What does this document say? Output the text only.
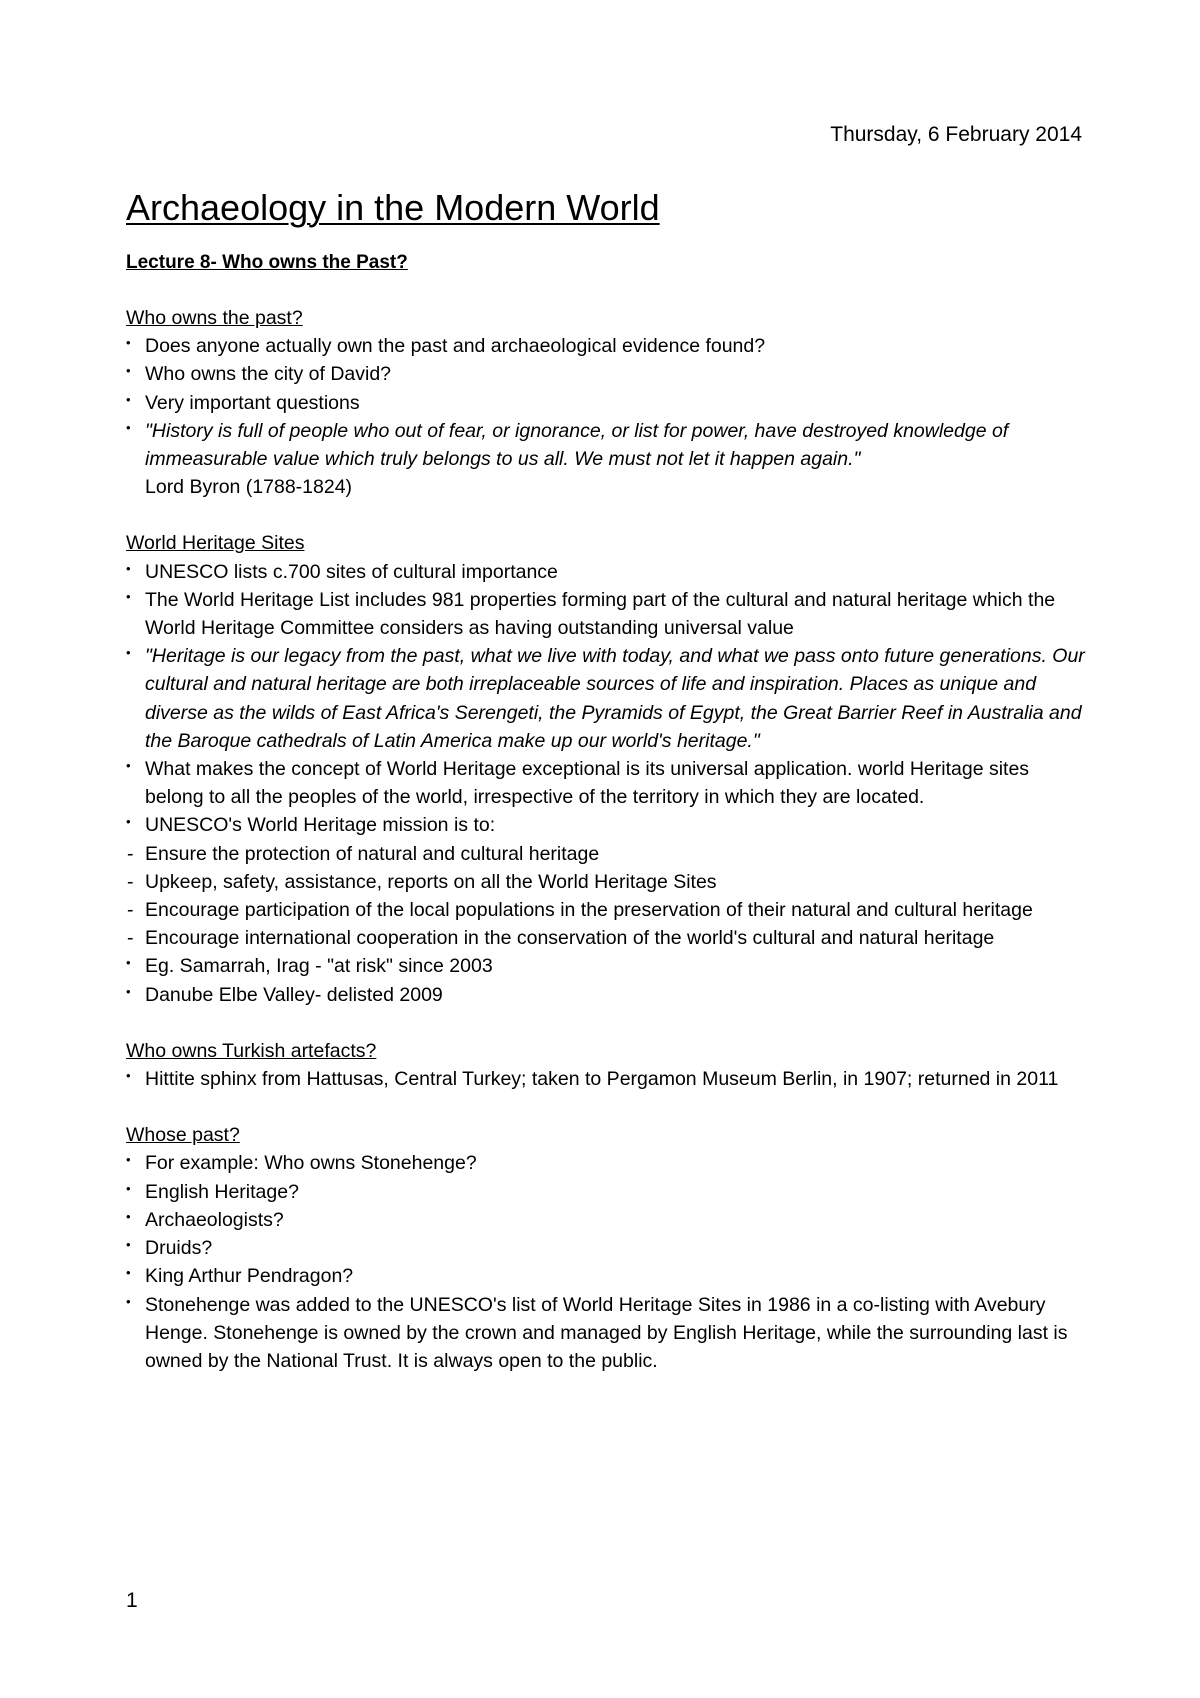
Thursday, 6 February 2014
Archaeology in the Modern World
Lecture 8- Who owns the Past?
Who owns the past?
Does anyone actually own the past and archaeological evidence found?
Who owns the city of David?
Very important questions
"History is full of people who out of fear, or ignorance, or list for power, have destroyed knowledge of immeasurable value which truly belongs to us all. We must not let it happen again."
Lord Byron (1788-1824)
World Heritage Sites
UNESCO lists c.700 sites of cultural importance
The World Heritage List includes 981 properties forming part of the cultural and natural heritage which the World Heritage Committee considers as having outstanding universal value
"Heritage is our legacy from the past, what we live with today, and what we pass onto future generations. Our cultural and natural heritage are both irreplaceable sources of life and inspiration. Places as unique and diverse as the wilds of East Africa's Serengeti, the Pyramids of Egypt, the Great Barrier Reef in Australia and the Baroque cathedrals of Latin America make up our world's heritage."
What makes the concept of World Heritage exceptional is its universal application. world Heritage sites belong to all the peoples of the world, irrespective of the territory in which they are located.
UNESCO's World Heritage mission is to:
Ensure the protection of natural and cultural heritage
Upkeep, safety, assistance, reports on all the World Heritage Sites
Encourage participation of the local populations in the preservation of their natural and cultural heritage
Encourage international cooperation in the conservation of the world's cultural and natural heritage
Eg. Samarrah, Irag - "at risk" since 2003
Danube Elbe Valley- delisted 2009
Who owns Turkish artefacts?
Hittite sphinx from Hattusas, Central Turkey; taken to Pergamon Museum Berlin, in 1907; returned in 2011
Whose past?
For example: Who owns Stonehenge?
English Heritage?
Archaeologists?
Druids?
King Arthur Pendragon?
Stonehenge was added to the UNESCO's list of World Heritage Sites in 1986 in a co-listing with Avebury Henge. Stonehenge is owned by the crown and managed by English Heritage, while the surrounding last is owned by the National Trust. It is always open to the public.
1
